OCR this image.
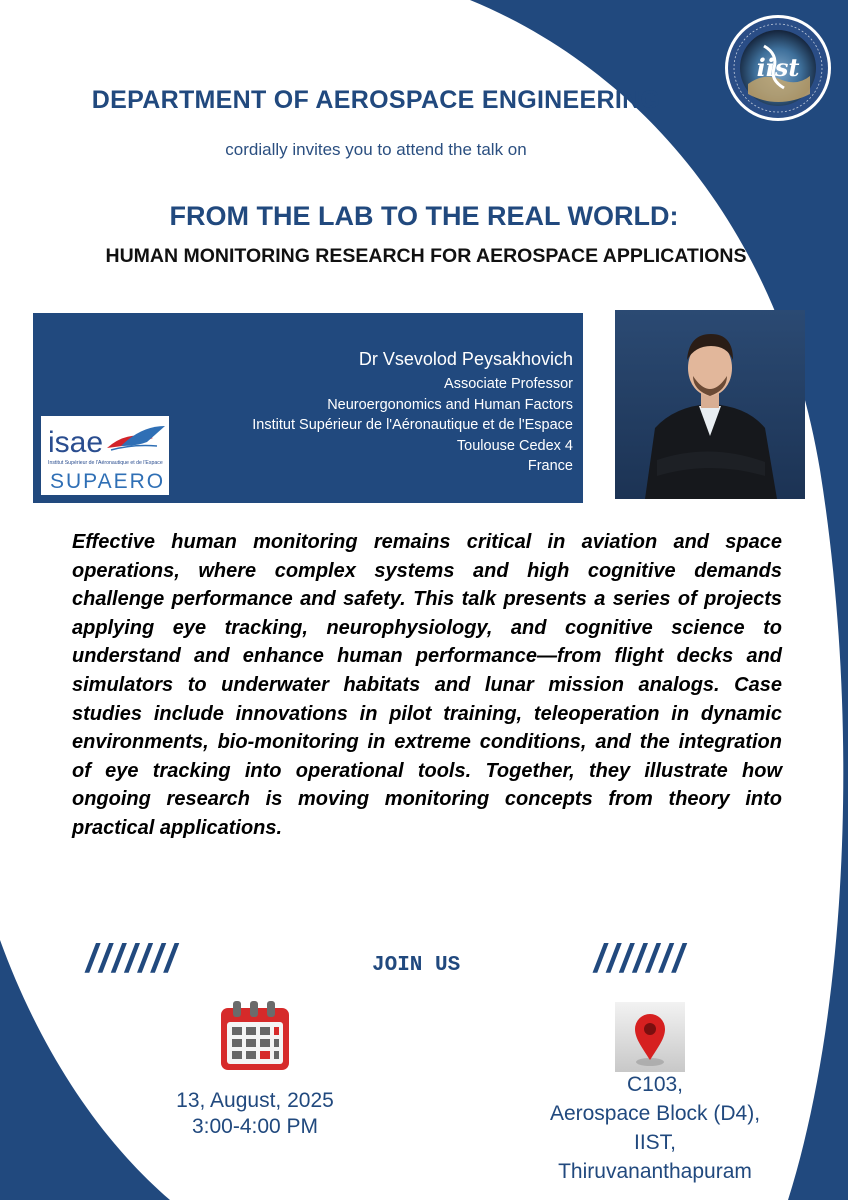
iist
DEPARTMENT OF AEROSPACE ENGINEERING
cordially invites you to attend the talk on
FROM THE LAB TO THE REAL WORLD:
HUMAN MONITORING RESEARCH FOR AEROSPACE APPLICATIONS
Dr Vsevolod Peysakhovich
Associate Professor
Neuroergonomics and Human Factors
Institut Supérieur de l'Aéronautique et de l'Espace
Toulouse Cedex 4
France
isae
Institut Supérieur de l'Aéronautique et de l'Espace
SUPAERO
Effective human monitoring remains critical in aviation and space operations, where complex systems and high cognitive demands challenge performance and safety. This talk presents a series of projects applying eye tracking, neurophysiology, and cognitive science to understand and enhance human performance—from flight decks and simulators to underwater habitats and lunar mission analogs. Case studies include innovations in pilot training, teleoperation in dynamic environments, bio-monitoring in extreme conditions, and the integration of eye tracking into operational tools. Together, they illustrate how ongoing research is moving monitoring concepts from theory into practical applications.
///////	JOIN US	///////
13, August, 2025
3:00-4:00 PM
C103,
Aerospace Block (D4),
IIST,
Thiruvananthapuram
